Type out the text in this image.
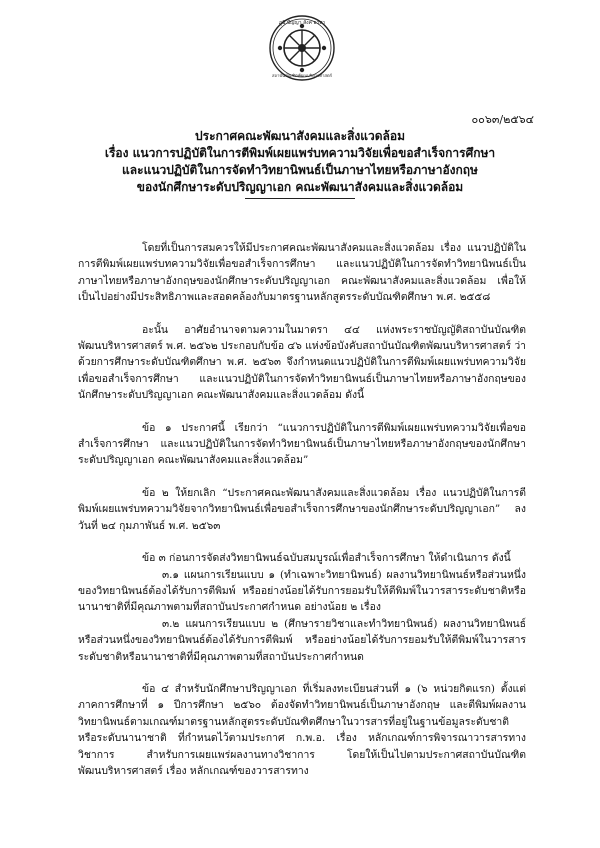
ภูมิ ปัญญา สังค อาสา
สถาบันบัณฑิตพัฒนบริหารศาสตร์
๐๐๖๓/๒๕๖๔
ประกาศคณะพัฒนาสังคมและสิ่งแวดล้อม
เรื่อง แนวการปฏิบัติในการตีพิมพ์เผยแพร่บทความวิจัยเพื่อขอสำเร็จการศึกษา
และแนวปฏิบัติในการจัดทำวิทยานิพนธ์เป็นภาษาไทยหรือภาษาอังกฤษ
ของนักศึกษาระดับปริญญาเอก คณะพัฒนาสังคมและสิ่งแวดล้อม

โดยที่เป็นการสมควรให้มีประกาศคณะพัฒนาสังคมและสิ่งแวดล้อม เรื่อง แนวปฏิบัติในการตีพิมพ์เผยแพร่บทความวิจัยเพื่อขอสำเร็จการศึกษา และแนวปฏิบัติในการจัดทำวิทยานิพนธ์เป็นภาษาไทยหรือภาษาอังกฤษของนักศึกษาระดับปริญญาเอก คณะพัฒนาสังคมและสิ่งแวดล้อม เพื่อให้เป็นไปอย่างมีประสิทธิภาพและสอดคล้องกับมาตรฐานหลักสูตรระดับบัณฑิตศึกษา พ.ศ. ๒๕๕๘

อะนั้น อาศัยอำนาจตามความในมาตรา ๔๔ แห่งพระราชบัญญัติสถาบันบัณฑิตพัฒนบริหารศาสตร์ พ.ศ. ๒๕๖๒ ประกอบกับข้อ ๔๖ แห่งข้อบังคับสถาบันบัณฑิตพัฒนบริหารศาสตร์ ว่าด้วยการศึกษาระดับบัณฑิตศึกษา พ.ศ. ๒๕๖๓ จึงกำหนดแนวปฏิบัติในการตีพิมพ์เผยแพร่บทความวิจัยเพื่อขอสำเร็จการศึกษา และแนวปฏิบัติในการจัดทำวิทยานิพนธ์เป็นภาษาไทยหรือภาษาอังกฤษของนักศึกษาระดับปริญญาเอก คณะพัฒนาสังคมและสิ่งแวดล้อม ดังนี้

ข้อ ๑ ประกาศนี้ เรียกว่า “แนวการปฏิบัติในการตีพิมพ์เผยแพร่บทความวิจัยเพื่อขอสำเร็จการศึกษา และแนวปฏิบัติในการจัดทำวิทยานิพนธ์เป็นภาษาไทยหรือภาษาอังกฤษของนักศึกษาระดับปริญญาเอก คณะพัฒนาสังคมและสิ่งแวดล้อม”

ข้อ ๒ ให้ยกเลิก “ประกาศคณะพัฒนาสังคมและสิ่งแวดล้อม เรื่อง แนวปฏิบัติในการตีพิมพ์เผยแพร่บทความวิจัยจากวิทยานิพนธ์เพื่อขอสำเร็จการศึกษาของนักศึกษาระดับปริญญาเอก” ลงวันที่ ๒๔ กุมภาพันธ์ พ.ศ. ๒๕๖๓

ข้อ ๓ ก่อนการจัดส่งวิทยานิพนธ์ฉบับสมบูรณ์เพื่อสำเร็จการศึกษา ให้ดำเนินการ ดังนี้

๓.๑ แผนการเรียนแบบ ๑ (ทำเฉพาะวิทยานิพนธ์) ผลงานวิทยานิพนธ์หรือส่วนหนึ่งของวิทยานิพนธ์ต้องได้รับการตีพิมพ์ หรืออย่างน้อยได้รับการยอมรับให้ตีพิมพ์ในวารสารระดับชาติหรือนานาชาติที่มีคุณภาพตามที่สถาบันประกาศกำหนด อย่างน้อย ๒ เรื่อง

๓.๒ แผนการเรียนแบบ ๒ (ศึกษารายวิชาและทำวิทยานิพนธ์) ผลงานวิทยานิพนธ์หรือส่วนหนึ่งของวิทยานิพนธ์ต้องได้รับการตีพิมพ์ หรืออย่างน้อยได้รับการยอมรับให้ตีพิมพ์ในวารสารระดับชาติหรือนานาชาติที่มีคุณภาพตามที่สถาบันประกาศกำหนด

ข้อ ๔ สำหรับนักศึกษาปริญญาเอก ที่เริ่มลงทะเบียนส่วนที่ ๑ (๖ หน่วยกิตแรก) ตั้งแต่ภาคการศึกษาที่ ๑ ปีการศึกษา ๒๕๖๐ ต้องจัดทำวิทยานิพนธ์เป็นภาษาอังกฤษ และตีพิมพ์ผลงานวิทยานิพนธ์ตามเกณฑ์มาตรฐานหลักสูตรระดับบัณฑิตศึกษาในวารสารที่อยู่ในฐานข้อมูลระดับชาติ หรือระดับนานาชาติ ที่กำหนดไว้ตามประกาศ ก.พ.อ. เรื่อง หลักเกณฑ์การพิจารณาวารสารทางวิชาการ สำหรับการเผยแพร่ผลงานทางวิชาการ โดยให้เป็นไปตามประกาศสถาบันบัณฑิตพัฒนบริหารศาสตร์ เรื่อง หลักเกณฑ์ของวารสารทาง
